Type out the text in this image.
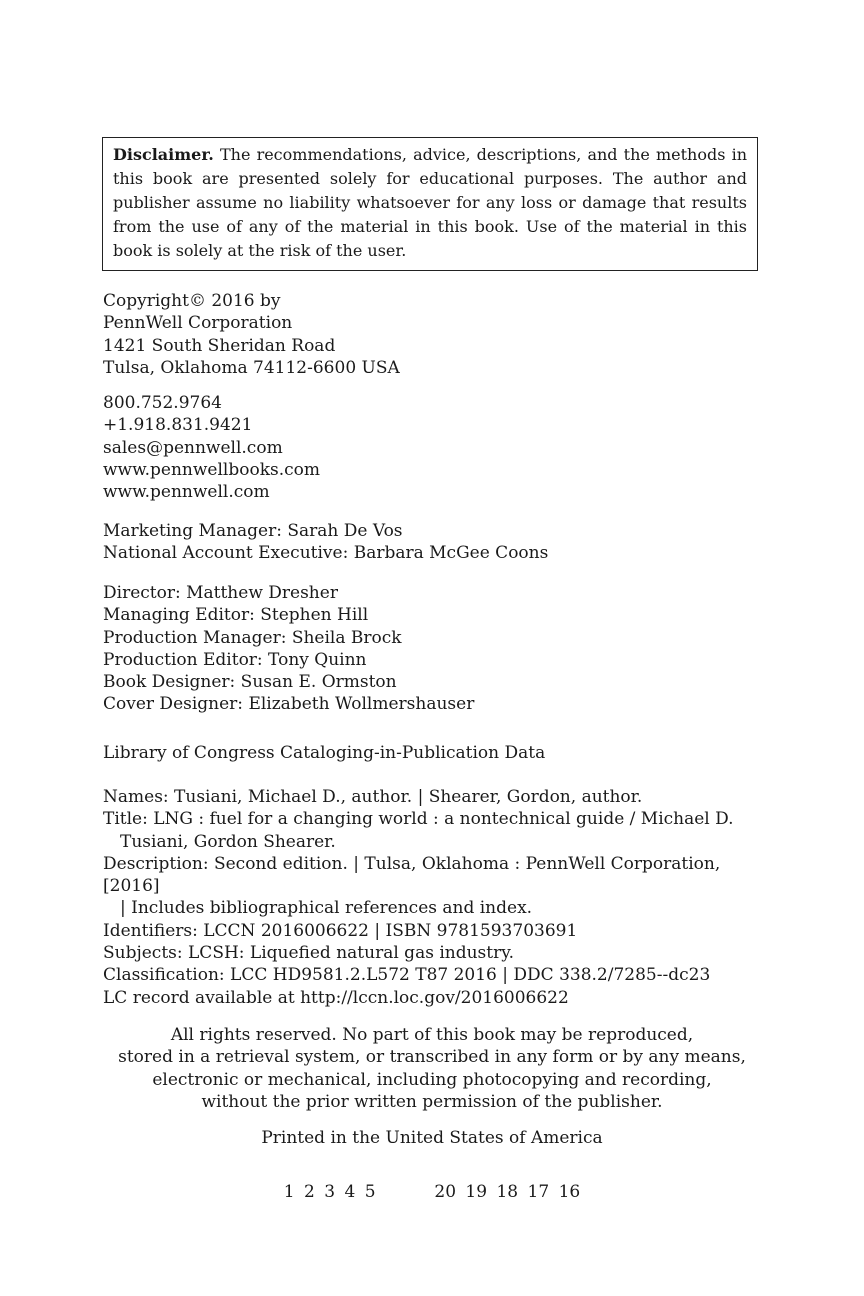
Disclaimer. The recommendations, advice, descriptions, and the methods in this book are presented solely for educational purposes. The author and publisher assume no liability whatsoever for any loss or damage that results from the use of any of the material in this book. Use of the material in this book is solely at the risk of the user.
Copyright© 2016 by
PennWell Corporation
1421 South Sheridan Road
Tulsa, Oklahoma 74112-6600 USA
800.752.9764
+1.918.831.9421
sales@pennwell.com
www.pennwellbooks.com
www.pennwell.com
Marketing Manager: Sarah De Vos
National Account Executive: Barbara McGee Coons
Director: Matthew Dresher
Managing Editor: Stephen Hill
Production Manager: Sheila Brock
Production Editor: Tony Quinn
Book Designer: Susan E. Ormston
Cover Designer: Elizabeth Wollmershauser
Library of Congress Cataloging-in-Publication Data
Names: Tusiani, Michael D., author. | Shearer, Gordon, author.
Title: LNG : fuel for a changing world : a nontechnical guide / Michael D.
Tusiani, Gordon Shearer.
Description: Second edition. | Tulsa, Oklahoma : PennWell Corporation,
[2016]
| Includes bibliographical references and index.
Identifiers: LCCN 2016006622 | ISBN 9781593703691
Subjects: LCSH: Liquefied natural gas industry.
Classification: LCC HD9581.2.L572 T87 2016 | DDC 338.2/7285--dc23
LC record available at http://lccn.loc.gov/2016006622
All rights reserved. No part of this book may be reproduced,
stored in a retrieval system, or transcribed in any form or by any means,
electronic or mechanical, including photocopying and recording,
without the prior written permission of the publisher.
Printed in the United States of America
1 2 3 4 5	20 19 18 17 16
